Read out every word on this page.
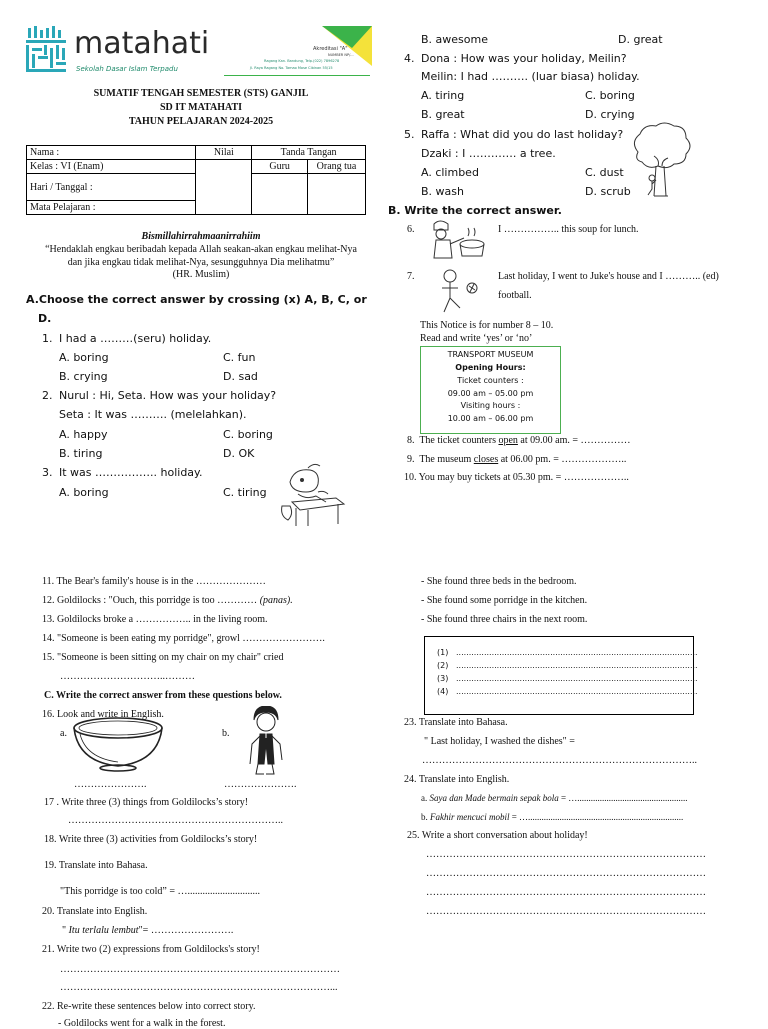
matahati
Sekolah Dasar Islam Terpadu
Akreditasi "A"
NUMBER NP/...
Ragang Kan. Bandung, Telp.(022) 7896278
Jl. Raya Ragang No. Tamao Mose Cibinan 55/15
SUMATIF TENGAH SEMESTER (STS) GANJIL
SD IT MATAHATI
TAHUN PELAJARAN 2024-2025
Nama :	Nilai	Tanda Tangan	
Kelas : VI (Enam)		Guru	Orang tua
Hari / Tanggal :			
Mata Pelajaran :			
Bismillahirrahmaanirrahiim
“Hendaklah engkau beribadah kepada Allah seakan-akan engkau melihat-Nya
dan jika engkau tidak melihat-Nya, sesungguhnya Dia melihatmu”
(HR. Muslim)
A.Choose the correct answer by crossing (x) A, B, C, or
D.
1. I had a ………(seru) holiday.
A. boring	C. fun
B. crying	D. sad
2. Nurul : Hi, Seta. How was your holiday?
Seta : It was ………. (melelahkan).
A. happy	C. boring
B. tiring	D. OK
3. It was …………….. holiday.
A. boring	C. tiring
B. awesome	D. great
4. Dona : How was your holiday, Meilin?
Meilin: I had ………. (luar biasa) holiday.
A. tiring	C. boring
B. great	D. crying
5. Raffa : What did you do last holiday?
Dzaki : I …………. a tree.
A. climbed	C. dust
B. wash	D. scrub
B. Write the correct answer.
6.	I …………….. this soup for lunch.
7.	Last holiday, I went to Juke's house and I ……….. (ed)
football.
This Notice is for number 8 – 10.
Read and write ‘yes’ or ‘no’
TRANSPORT MUSEUM
Opening Hours:
Ticket counters :
09.00 am – 05.00 pm
Visiting hours :
10.00 am – 06.00 pm
8. The ticket counters open at 09.00 am. = ……………
9. The museum closes at 06.00 pm. = ………………..
10. You may buy tickets at 05.30 pm. = ………………..
11. The Bear's family's house is in the …………………
12. Goldilocks : "Ouch, this porridge is too ………… (panas).
13. Goldilocks broke a …………….. in the living room.
14. "Someone is been eating my porridge", growl …………………….
15. "Someone is been sitting on my chair on my chair" cried
…………………………..………
C. Write the correct answer from these questions below.
16. Look and write in English.
a.	b.
………………….	………………….
17 . Write three (3) things from Goldilocks’s story!
………………………………………………………..
18. Write three (3) activities from Goldilocks’s story!
19. Translate into Bahasa.
"This porridge is too cold” = ….............................
20. Translate into English.
" Itu terlalu lembut"= …………………….
21. Write two (2) expressions from Goldilocks's story!
…………………………………………………………………………
………………………………………………………………………...
22. Re-write these sentences below into correct story.
- Goldilocks went for a walk in the forest.
- She found three beds in the bedroom.
- She found some porridge in the kitchen.
- She found three chairs in the next room.
(1) ...............................................................................................
(2) ...............................................................................................
(3) ...............................................................................................
(4) ...............................................................................................
23. Translate into Bahasa.
" Last holiday, I washed the dishes" =
………………………………………………………………………..
24. Translate into English.
a. Saya dan Made bermain sepak bola = ….................................................
b. Fakhir mencuci mobil = ….....................................................................
25. Write a short conversation about holiday!
…………………………………………………………………………
…………………………………………………………………………
…………………………………………………………………………
…………………………………………………………………………
